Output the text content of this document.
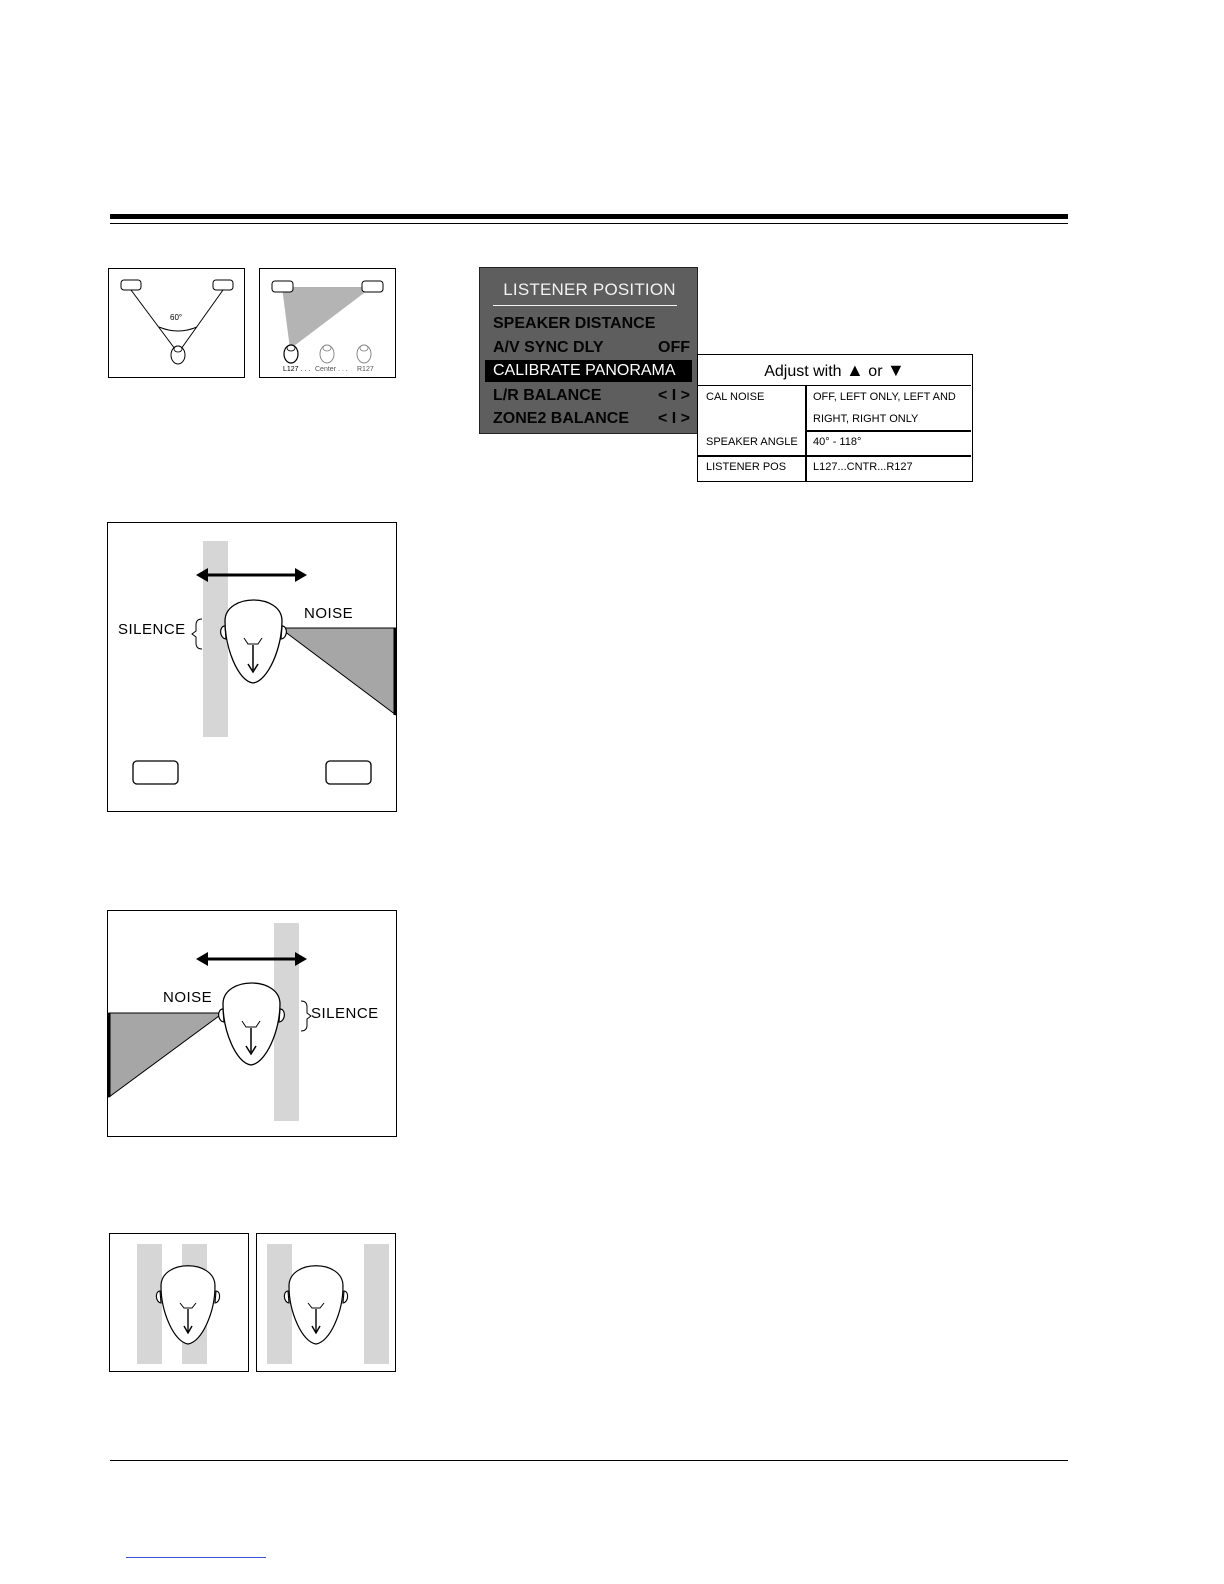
60°
L127 . . . Center . . . R127
LISTENER POSITION
SPEAKER DISTANCE
A/V SYNC DLY	OFF
CALIBRATE PANORAMA
L/R BALANCE	< I >
ZONE2 BALANCE < I >
Adjust with ▲ or ▼
CAL NOISE	OFF, LEFT ONLY, LEFT AND
RIGHT, RIGHT ONLY
SPEAKER ANGLE 40° - 118°
LISTENER POS L127...CNTR...R127
SILENCE
NOISE
NOISE
SILENCE
